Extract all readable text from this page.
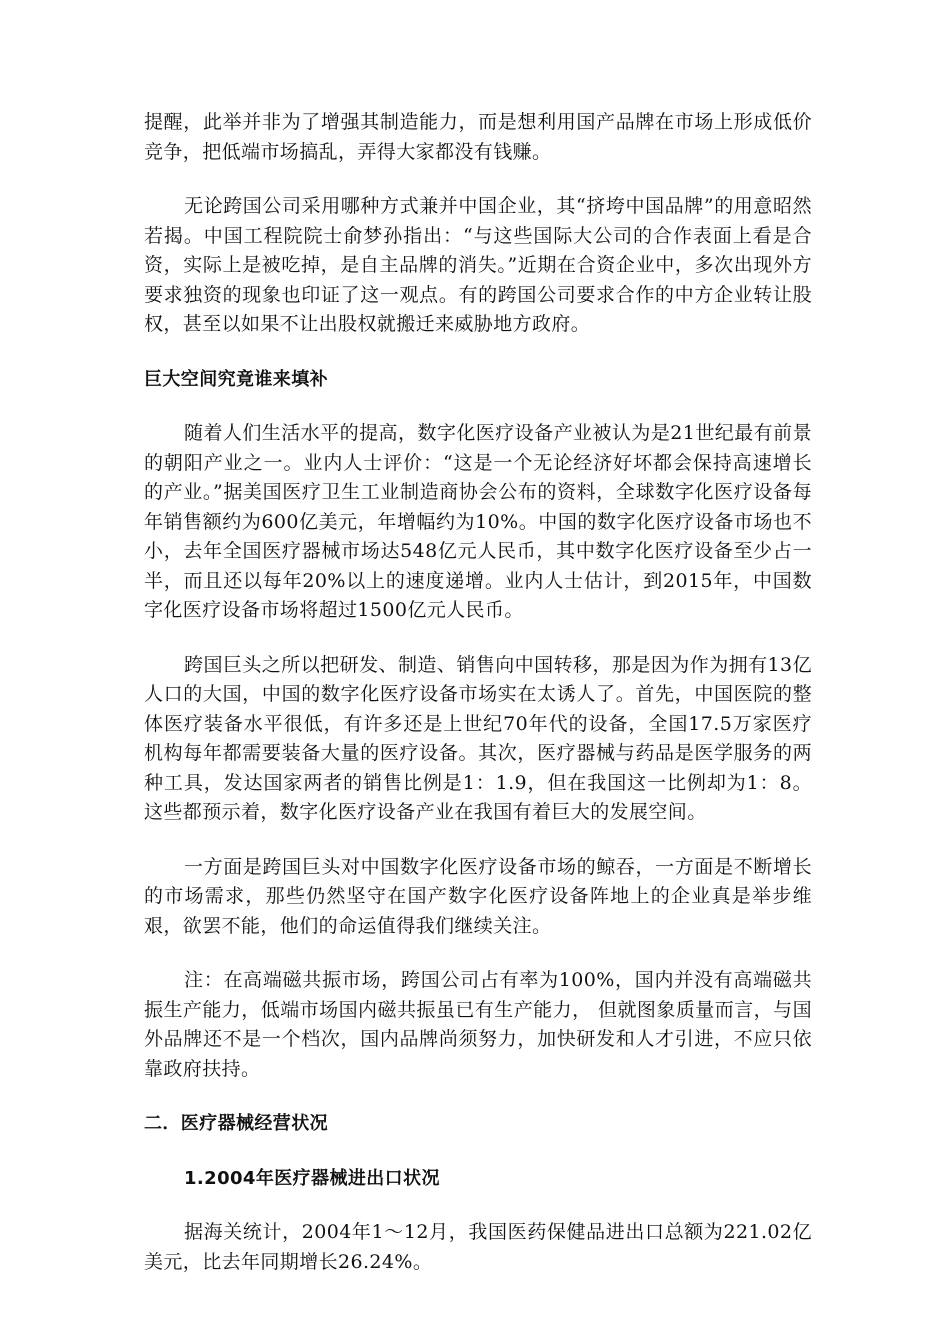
提醒，此举并非为了增强其制造能力，而是想利用国产品牌在市场上形成低价竞争，把低端市场搞乱，弄得大家都没有钱赚。

无论跨国公司采用哪种方式兼并中国企业，其“挤垮中国品牌”的用意昭然若揭。中国工程院院士俞梦孙指出：“与这些国际大公司的合作表面上看是合资，实际上是被吃掉，是自主品牌的消失。”近期在合资企业中，多次出现外方要求独资的现象也印证了这一观点。有的跨国公司要求合作的中方企业转让股权，甚至以如果不让出股权就搬迁来威胁地方政府。

巨大空间究竟谁来填补

随着人们生活水平的提高，数字化医疗设备产业被认为是21世纪最有前景的朝阳产业之一。业内人士评价：“这是一个无论经济好坏都会保持高速增长的产业。”据美国医疗卫生工业制造商协会公布的资料，全球数字化医疗设备每年销售额约为600亿美元，年增幅约为10%。中国的数字化医疗设备市场也不小，去年全国医疗器械市场达548亿元人民币，其中数字化医疗设备至少占一半，而且还以每年20%以上的速度递增。业内人士估计，到2015年，中国数字化医疗设备市场将超过1500亿元人民币。

跨国巨头之所以把研发、制造、销售向中国转移，那是因为作为拥有13亿人口的大国，中国的数字化医疗设备市场实在太诱人了。首先，中国医院的整体医疗装备水平很低，有许多还是上世纪70年代的设备，全国17.5万家医疗机构每年都需要装备大量的医疗设备。其次，医疗器械与药品是医学服务的两种工具，发达国家两者的销售比例是1：1.9，但在我国这一比例却为1：8。这些都预示着，数字化医疗设备产业在我国有着巨大的发展空间。

一方面是跨国巨头对中国数字化医疗设备市场的鲸吞，一方面是不断增长的市场需求，那些仍然坚守在国产数字化医疗设备阵地上的企业真是举步维艰，欲罢不能，他们的命运值得我们继续关注。

注：在高端磁共振市场，跨国公司占有率为100%，国内并没有高端磁共振生产能力，低端市场国内磁共振虽已有生产能力， 但就图象质量而言，与国外品牌还不是一个档次，国内品牌尚须努力，加快研发和人才引进，不应只依靠政府扶持。

二．医疗器械经营状况

1.2004年医疗器械进出口状况

据海关统计，2004年1～12月，我国医药保健品进出口总额为221.02亿美元，比去年同期增长26.24%。
